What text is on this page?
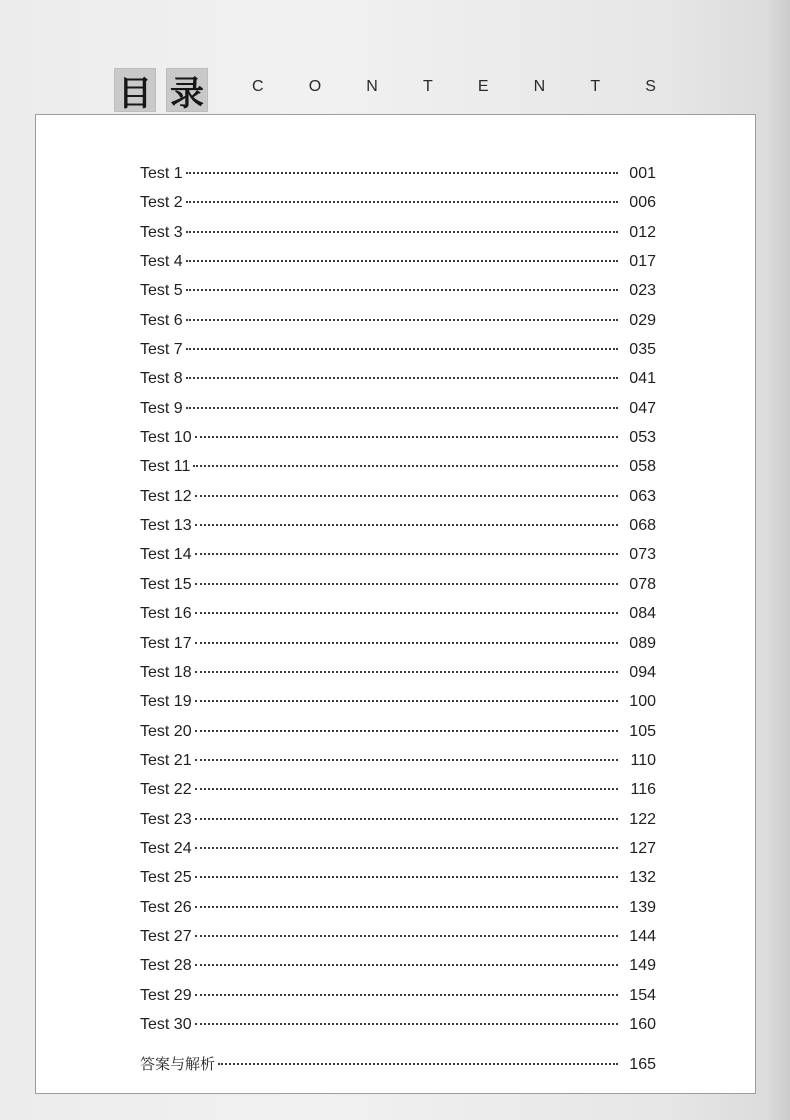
目 录	C	O	N	T	E	N	T	S
Test 1	001
Test 2	006
Test 3	012
Test 4	017
Test 5	023
Test 6	029
Test 7	035
Test 8	041
Test 9	047
Test 10	053
Test 11	058
Test 12	063
Test 13	068
Test 14	073
Test 15	078
Test 16	084
Test 17	089
Test 18	094
Test 19	100
Test 20	105
Test 21	110
Test 22	116
Test 23	122
Test 24	127
Test 25	132
Test 26	139
Test 27	144
Test 28	149
Test 29	154
Test 30	160
答案与解析	165
